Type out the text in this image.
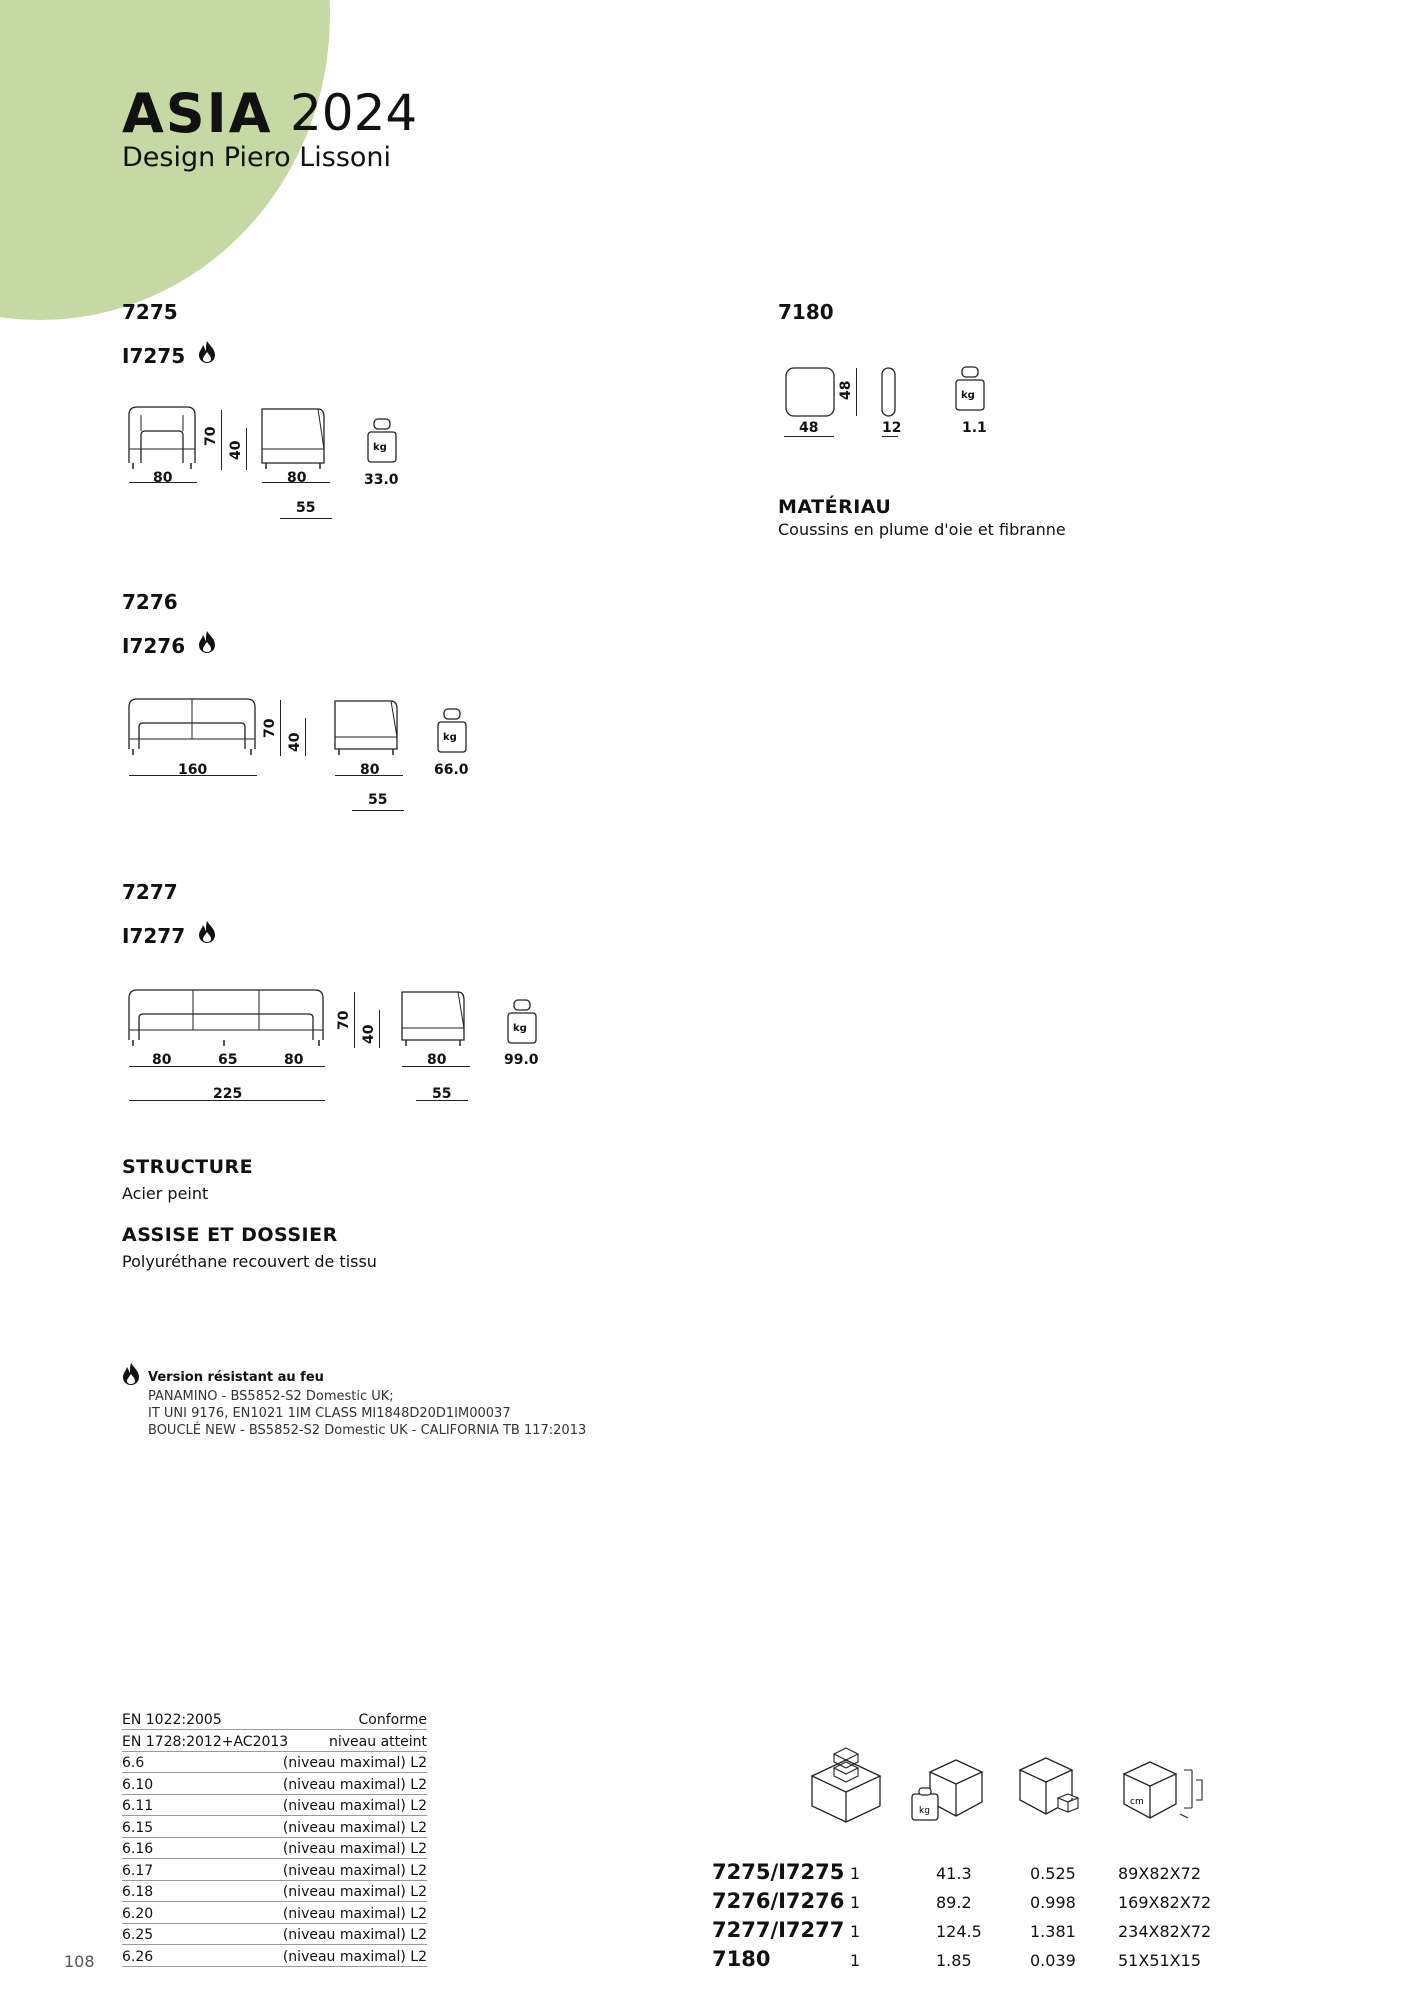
ASIA 2024
Design Piero Lissoni
7275
I7275
80
70
40
80
55
kg
33.0
7276
I7276
160
70
40
80
55
kg
66.0
7277
I7277
80	65	80
225
70
40
80
55
kg
99.0
7180
48
48
12
kg
1.1
MATÉRIAU
Coussins en plume d'oie et fibranne
STRUCTURE
Acier peint
ASSISE ET DOSSIER
Polyuréthane recouvert de tissu
Version résistant au feu
PANAMINO - BS5852-S2 Domestic UK;
IT UNI 9176, EN1021 1IM CLASS MI1848D20D1IM00037
BOUCLÉ NEW - BS5852-S2 Domestic UK - CALIFORNIA TB 117:2013
EN 1022:2005	Conforme
EN 1728:2012+AC2013	niveau atteint
6.6	(niveau maximal) L2
6.10	(niveau maximal) L2
6.11	(niveau maximal) L2
6.15	(niveau maximal) L2
6.16	(niveau maximal) L2
6.17	(niveau maximal) L2
6.18	(niveau maximal) L2
6.20	(niveau maximal) L2
6.25	(niveau maximal) L2
6.26	(niveau maximal) L2
kg
cm
7275/I7275 1	41.3	0.525	89X82X72
7276/I7276 1	89.2	0.998	169X82X72
7277/I7277 1	124.5	1.381	234X82X72
7180	1	1.85	0.039	51X51X15
108
